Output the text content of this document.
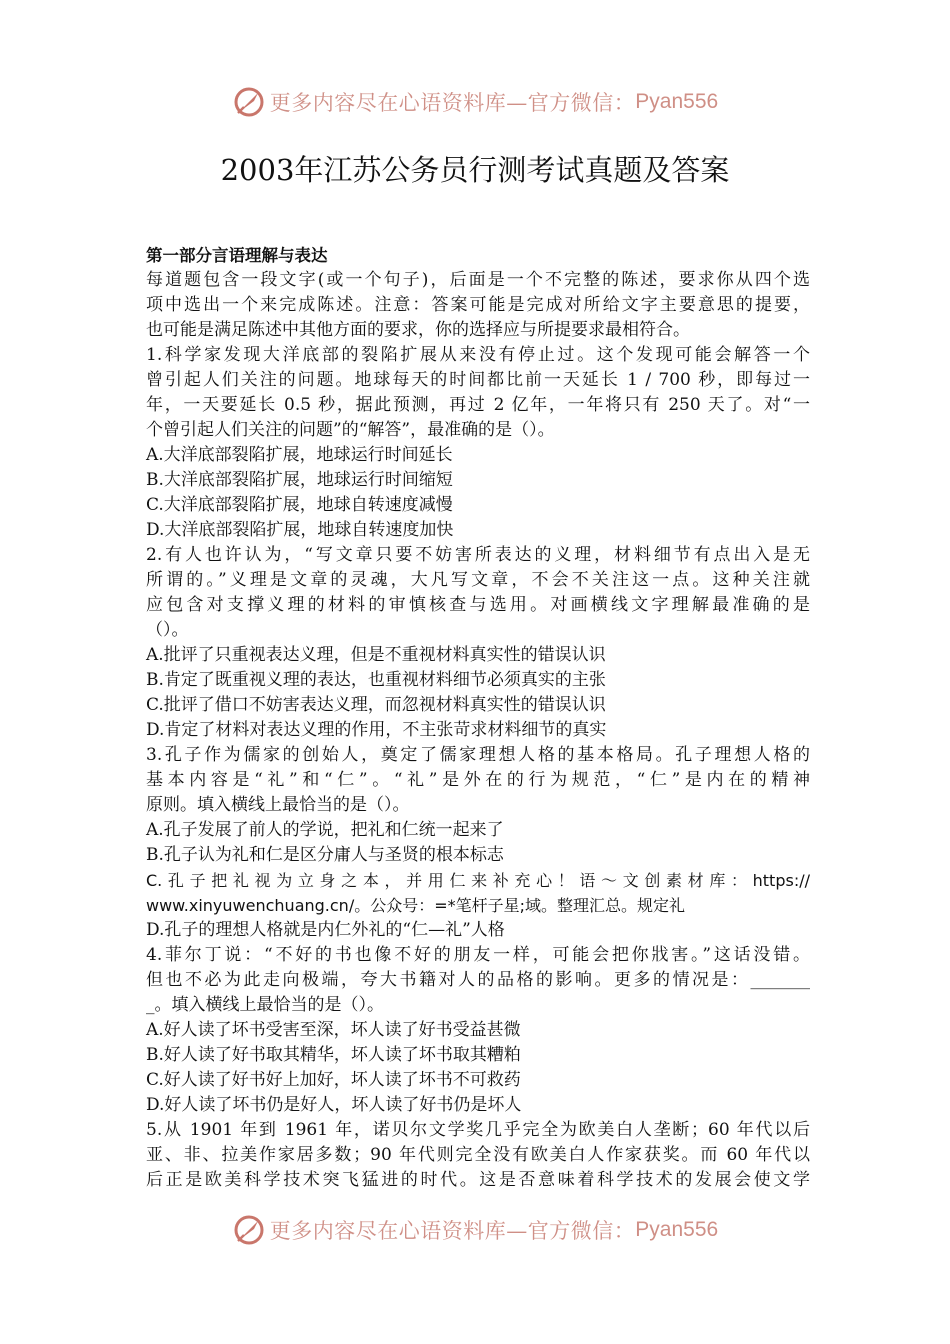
更多内容尽在心语资料库—官方微信： Pyan556
2003年江苏公务员行测考试真题及答案

第一部分言语理解与表达

每道题包含一段文字(或一个句子)，后面是一个不完整的陈述，要求你从四个选

项中选出一个来完成陈述。注意：答案可能是完成对所给文字主要意思的提要，

也可能是满足陈述中其他方面的要求，你的选择应与所提要求最相符合。

1.科学家发现大洋底部的裂陷扩展从来没有停止过。这个发现可能会解答一个

曾引起人们关注的问题。地球每天的时间都比前一天延长 1 / 700 秒，即每过一

年，一天要延长 0.5 秒，据此预测，再过 2 亿年，一年将只有 250 天了。对“一

个曾引起人们关注的问题”的“解答”，最准确的是（）。

A.大洋底部裂陷扩展，地球运行时间延长

B.大洋底部裂陷扩展，地球运行时间缩短

C.大洋底部裂陷扩展，地球自转速度减慢

D.大洋底部裂陷扩展，地球自转速度加快

2.有人也许认为，“写文章只要不妨害所表达的义理，材料细节有点出入是无

所谓的。”义理是文章的灵魂，大凡写文章，不会不关注这一点。这种关注就

应包含对支撑义理的材料的审慎核查与选用。对画横线文字理解最准确的是

（）。

A.批评了只重视表达义理，但是不重视材料真实性的错误认识

B.肯定了既重视义理的表达，也重视材料细节必须真实的主张

C.批评了借口不妨害表达义理，而忽视材料真实性的错误认识

D.肯定了材料对表达义理的作用，不主张苛求材料细节的真实

3.孔子作为儒家的创始人，奠定了儒家理想人格的基本格局。孔子理想人格的

基本内容是“礼”和“仁”。“礼”是外在的行为规范，“仁”是内在的精神

原则。填入横线上最恰当的是（）。

A.孔子发展了前人的学说，把礼和仁统一起来了

B.孔子认为礼和仁是区分庸人与圣贤的根本标志

C.孔子把礼视为立身之本，并用仁来补充心！语～文创素材库：https://

www.xinyuwenchuang.cn/。公众号：=*笔杆子星;域。整理汇总。规定礼

D.孔子的理想人格就是内仁外礼的“仁—礼”人格

4.菲尔丁说：“不好的书也像不好的朋友一样，可能会把你戕害。”这话没错。

但也不必为此走向极端，夸大书籍对人的品格的影响。更多的情况是：_______

_。填入横线上最恰当的是（）。

A.好人读了坏书受害至深，坏人读了好书受益甚微

B.好人读了好书取其精华，坏人读了坏书取其糟粕

C.好人读了好书好上加好，坏人读了坏书不可救药

D.好人读了坏书仍是好人，坏人读了好书仍是坏人

5.从 1901 年到 1961 年，诺贝尔文学奖几乎完全为欧美白人垄断；60 年代以后

亚、非、拉美作家居多数；90 年代则完全没有欧美白人作家获奖。而 60 年代以

后正是欧美科学技术突飞猛进的时代。这是否意味着科学技术的发展会使文学

更多内容尽在心语资料库—官方微信： Pyan556
